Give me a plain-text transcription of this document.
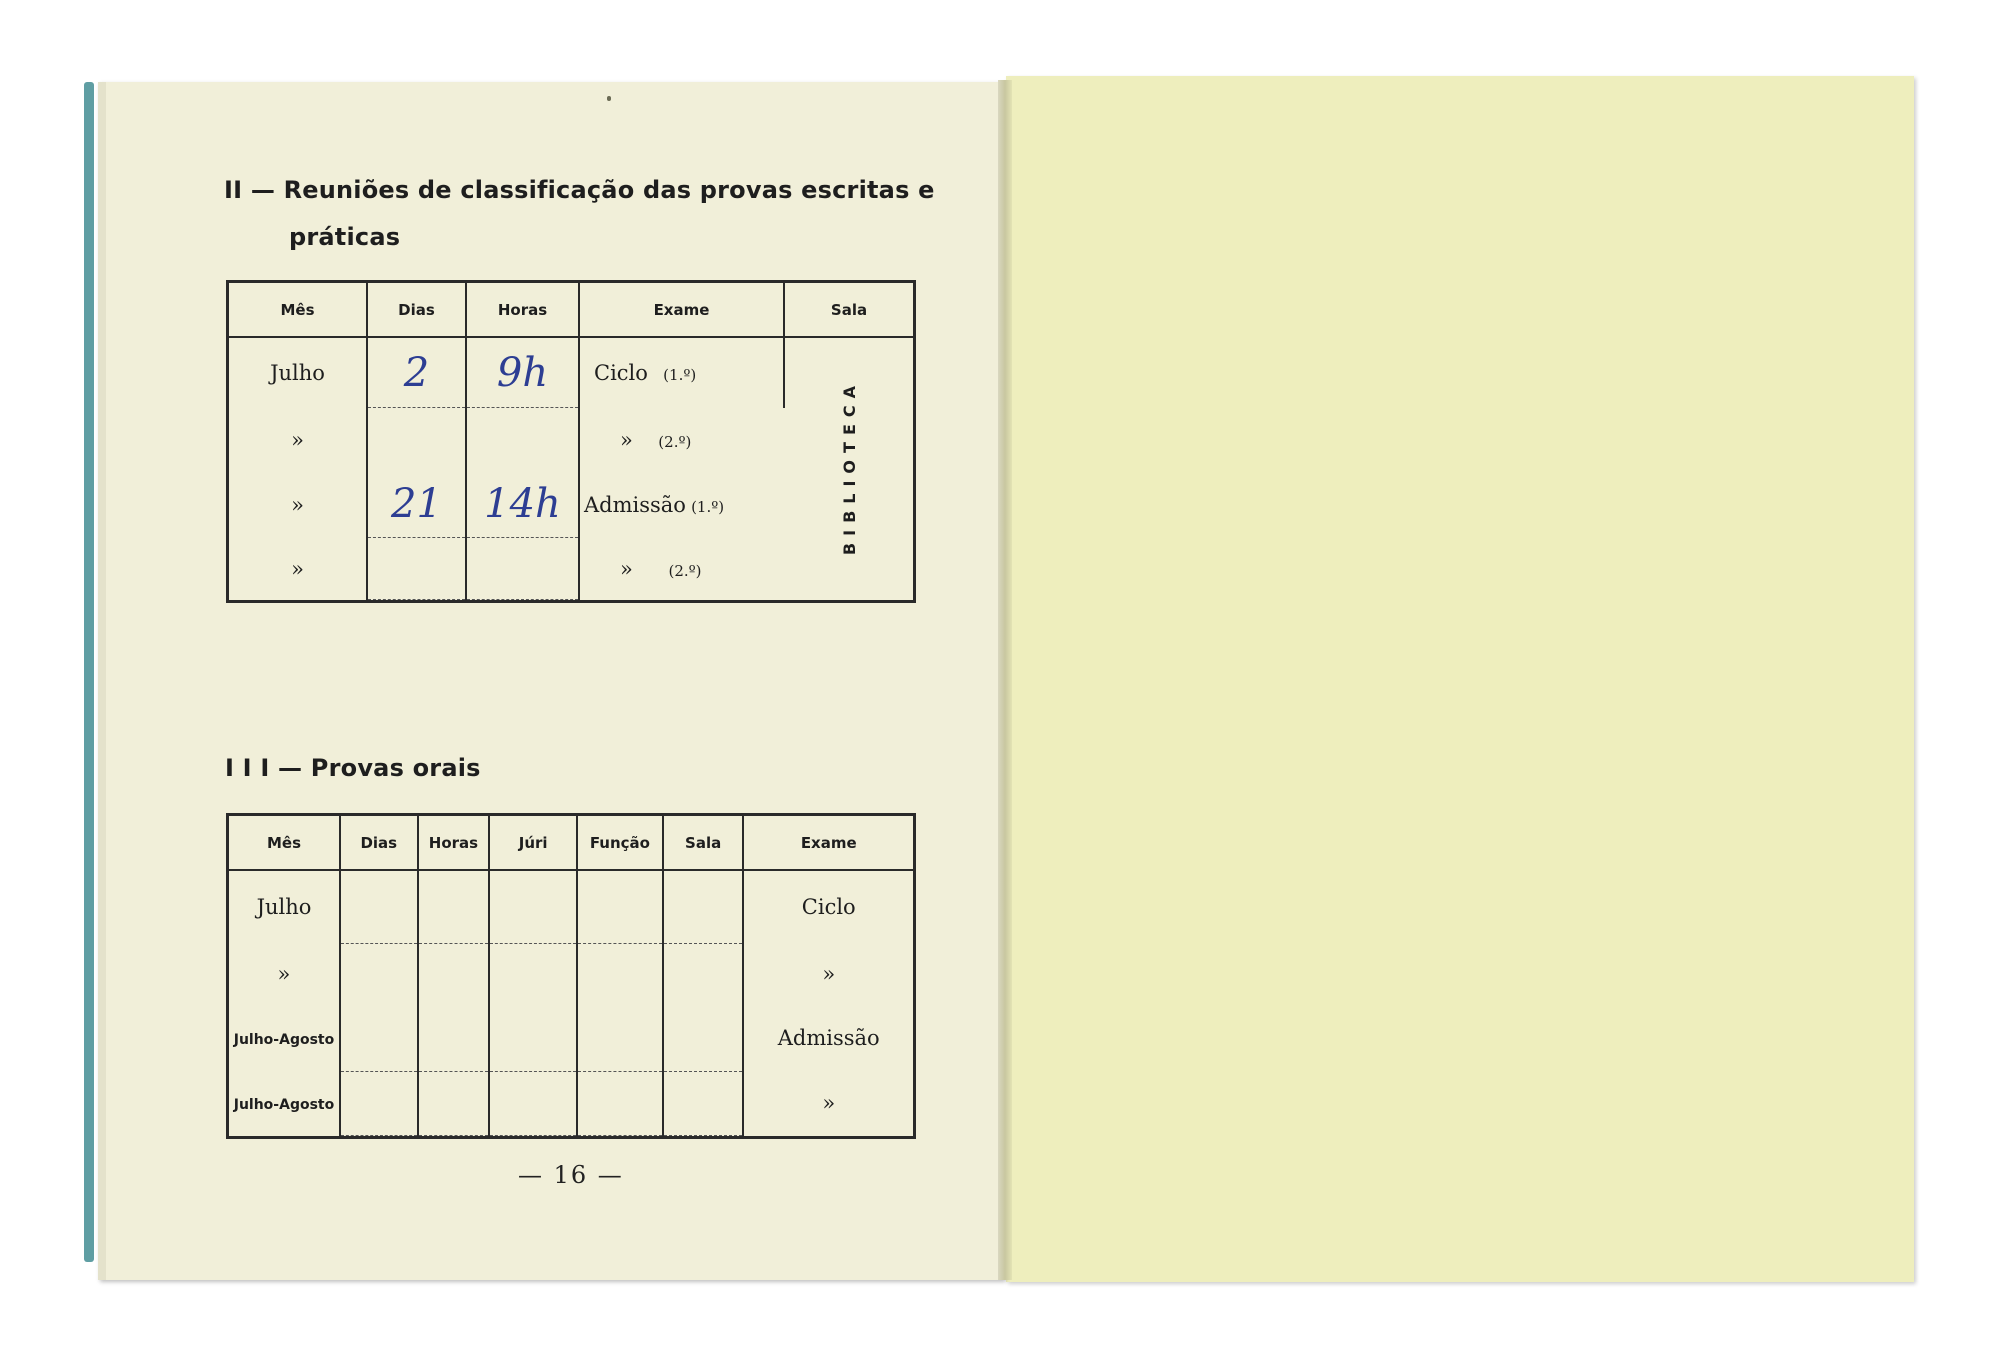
II — Reuniões de classificação das provas escritas e
práticas
Mês	Dias	Horas	Exame	Sala
Julho	2	9h	Ciclo (1.º)	BIBLIOTECA
»			» (2.º)	
»	21	14h	Admissão (1.º)	
»			» (2.º)	
I I I — Provas orais
Mês	Dias	Horas	Júri	Função	Sala	Exame
Julho						Ciclo
»						»
Julho-Agosto						Admissão
Julho-Agosto						»
— 16 —
